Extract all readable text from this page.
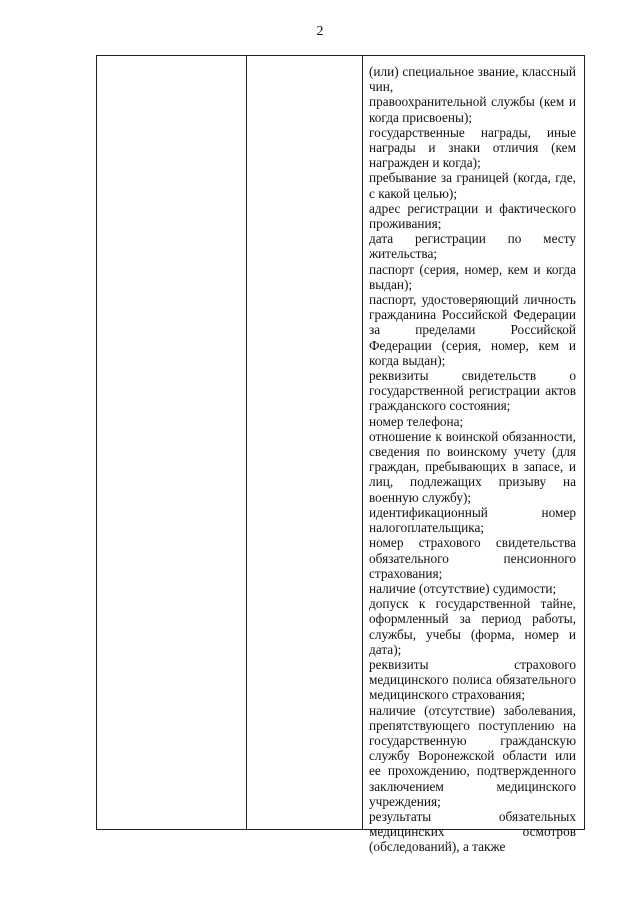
2
(или) специальное звание, классный чин,
правоохранительной службы (кем и когда присвоены);
государственные награды, иные награды и знаки отличия (кем награжден и когда);
пребывание за границей (когда, где, с какой целью);
адрес регистрации и фактического проживания;
дата регистрации по месту жительства;
паспорт (серия, номер, кем и когда выдан);
паспорт, удостоверяющий личность гражданина Российской Федерации за пределами Российской Федерации (серия, номер, кем и когда выдан);
реквизиты свидетельств о государственной регистрации актов гражданского состояния;
номер телефона;
отношение к воинской обязанности, сведения по воинскому учету (для граждан, пребывающих в запасе, и лиц, подлежащих призыву на военную службу);
идентификационный номер налогоплательщика;
номер страхового свидетельства обязательного пенсионного страхования;
наличие (отсутствие) судимости;
допуск к государственной тайне, оформленный за период работы, службы, учебы (форма, номер и дата);
реквизиты страхового медицинского полиса обязательного медицинского страхования;
наличие (отсутствие) заболевания, препятствующего поступлению на государственную гражданскую службу Воронежской области или ее прохождению, подтвержденного заключением медицинского учреждения;
результаты обязательных медицинских осмотров (обследований), а также
